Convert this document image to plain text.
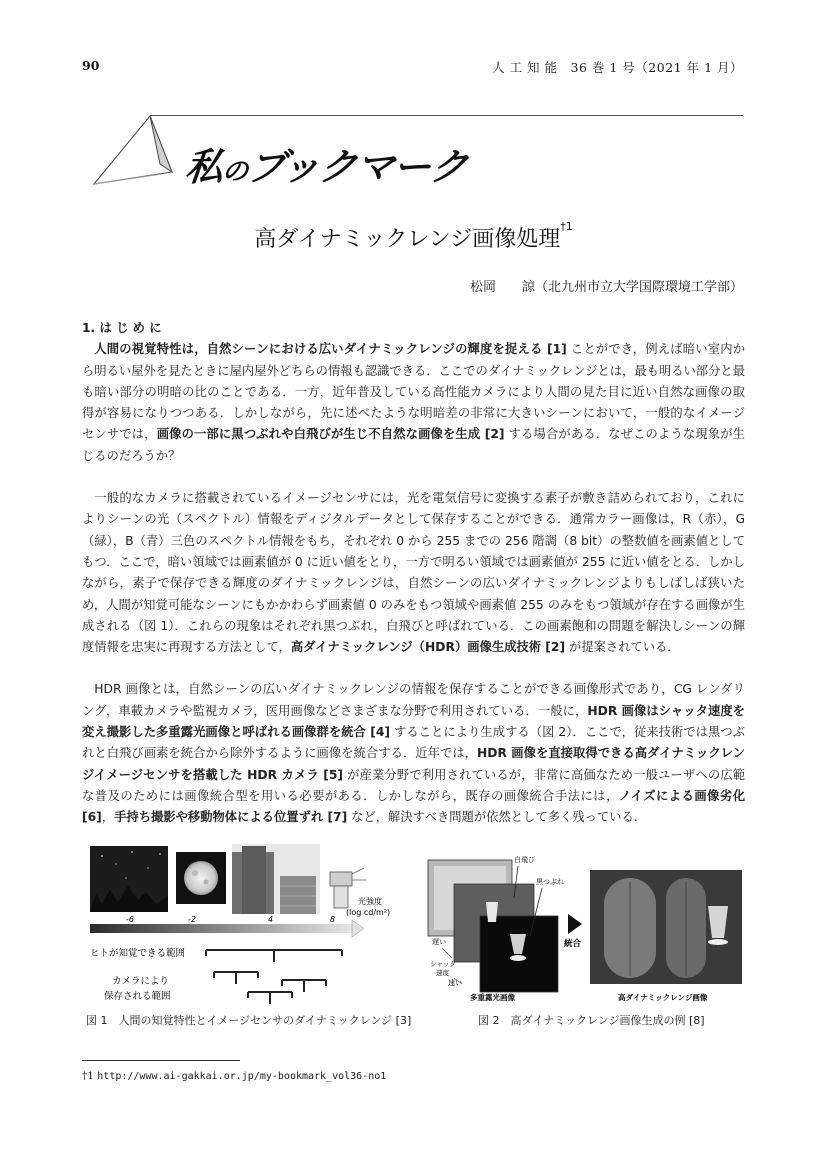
90	人 工 知 能　36 巻 1 号（2021 年 1 月）
私のブックマーク
高ダイナミックレンジ画像処理$^{\dagger 1}$
松岡　　諒（北九州市立大学国際環境工学部）
1. は じ め に

人間の視覚特性は，自然シーンにおける広いダイナミックレンジの輝度を捉える [1] ことができ，例えば暗い室内から明るい屋外を見たときに屋内屋外どちらの情報も認識できる．ここでのダイナミックレンジとは，最も明るい部分と最も暗い部分の明暗の比のことである．一方，近年普及している高性能カメラにより人間の見た目に近い自然な画像の取得が容易になりつつある．しかしながら，先に述べたような明暗差の非常に大きいシーンにおいて，一般的なイメージセンサでは，画像の一部に黒つぶれや白飛びが生じ不自然な画像を生成 [2] する場合がある．なぜこのような現象が生じるのだろうか？

一般的なカメラに搭載されているイメージセンサには，光を電気信号に変換する素子が敷き詰められており，これによりシーンの光（スペクトル）情報をディジタルデータとして保存することができる．通常カラー画像は，R（赤），G（緑），B（青）三色のスペクトル情報をもち，それぞれ 0 から 255 までの 256 階調（8 bit）の整数値を画素値としてもつ．ここで，暗い領域では画素値が 0 に近い値をとり，一方で明るい領域では画素値が 255 に近い値をとる．しかしながら，素子で保存できる輝度のダイナミックレンジは，自然シーンの広いダイナミックレンジよりもしばしば狭いため，人間が知覚可能なシーンにもかかわらず画素値 0 のみをもつ領域や画素値 255 のみをもつ領域が存在する画像が生成される（図 1）．これらの現象はそれぞれ黒つぶれ，白飛びと呼ばれている．この画素飽和の問題を解決しシーンの輝度情報を忠実に再現する方法として，高ダイナミックレンジ（HDR）画像生成技術 [2] が提案されている．

HDR 画像とは，自然シーンの広いダイナミックレンジの情報を保存することができる画像形式であり，CG レンダリング，車載カメラや監視カメラ，医用画像などさまざまな分野で利用されている．一般に，HDR 画像はシャッタ速度を変え撮影した多重露光画像と呼ばれる画像群を統合 [4] することにより生成する（図 2）．ここで，従来技術では黒つぶれと白飛び画素を統合から除外するように画像を統合する．近年では，HDR 画像を直接取得できる高ダイナミックレンジイメージセンサを搭載した HDR カメラ [5] が産業分野で利用されているが，非常に高価なため一般ユーザへの広範な普及のためには画像統合型を用いる必要がある．しかしながら，既存の画像統合手法には，ノイズによる画像劣化 [6]，手持ち撮影や移動物体による位置ずれ [7] など，解決すべき問題が依然として多く残っている．

光強度
(log cd/m²)
-6	-2	4	8
ヒトが知覚できる範囲
カメラにより
保存される範囲
図 1　人間の知覚特性とイメージセンサのダイナミックレンジ [3]
白飛び
黒つぶれ
遅い
シャッタ
速度
速い
統合
多重露光画像	高ダイナミックレンジ画像
図 2　高ダイナミックレンジ画像生成の例 [8]
†1 http://www.ai-gakkai.or.jp/my-bookmark_vol36-no1
